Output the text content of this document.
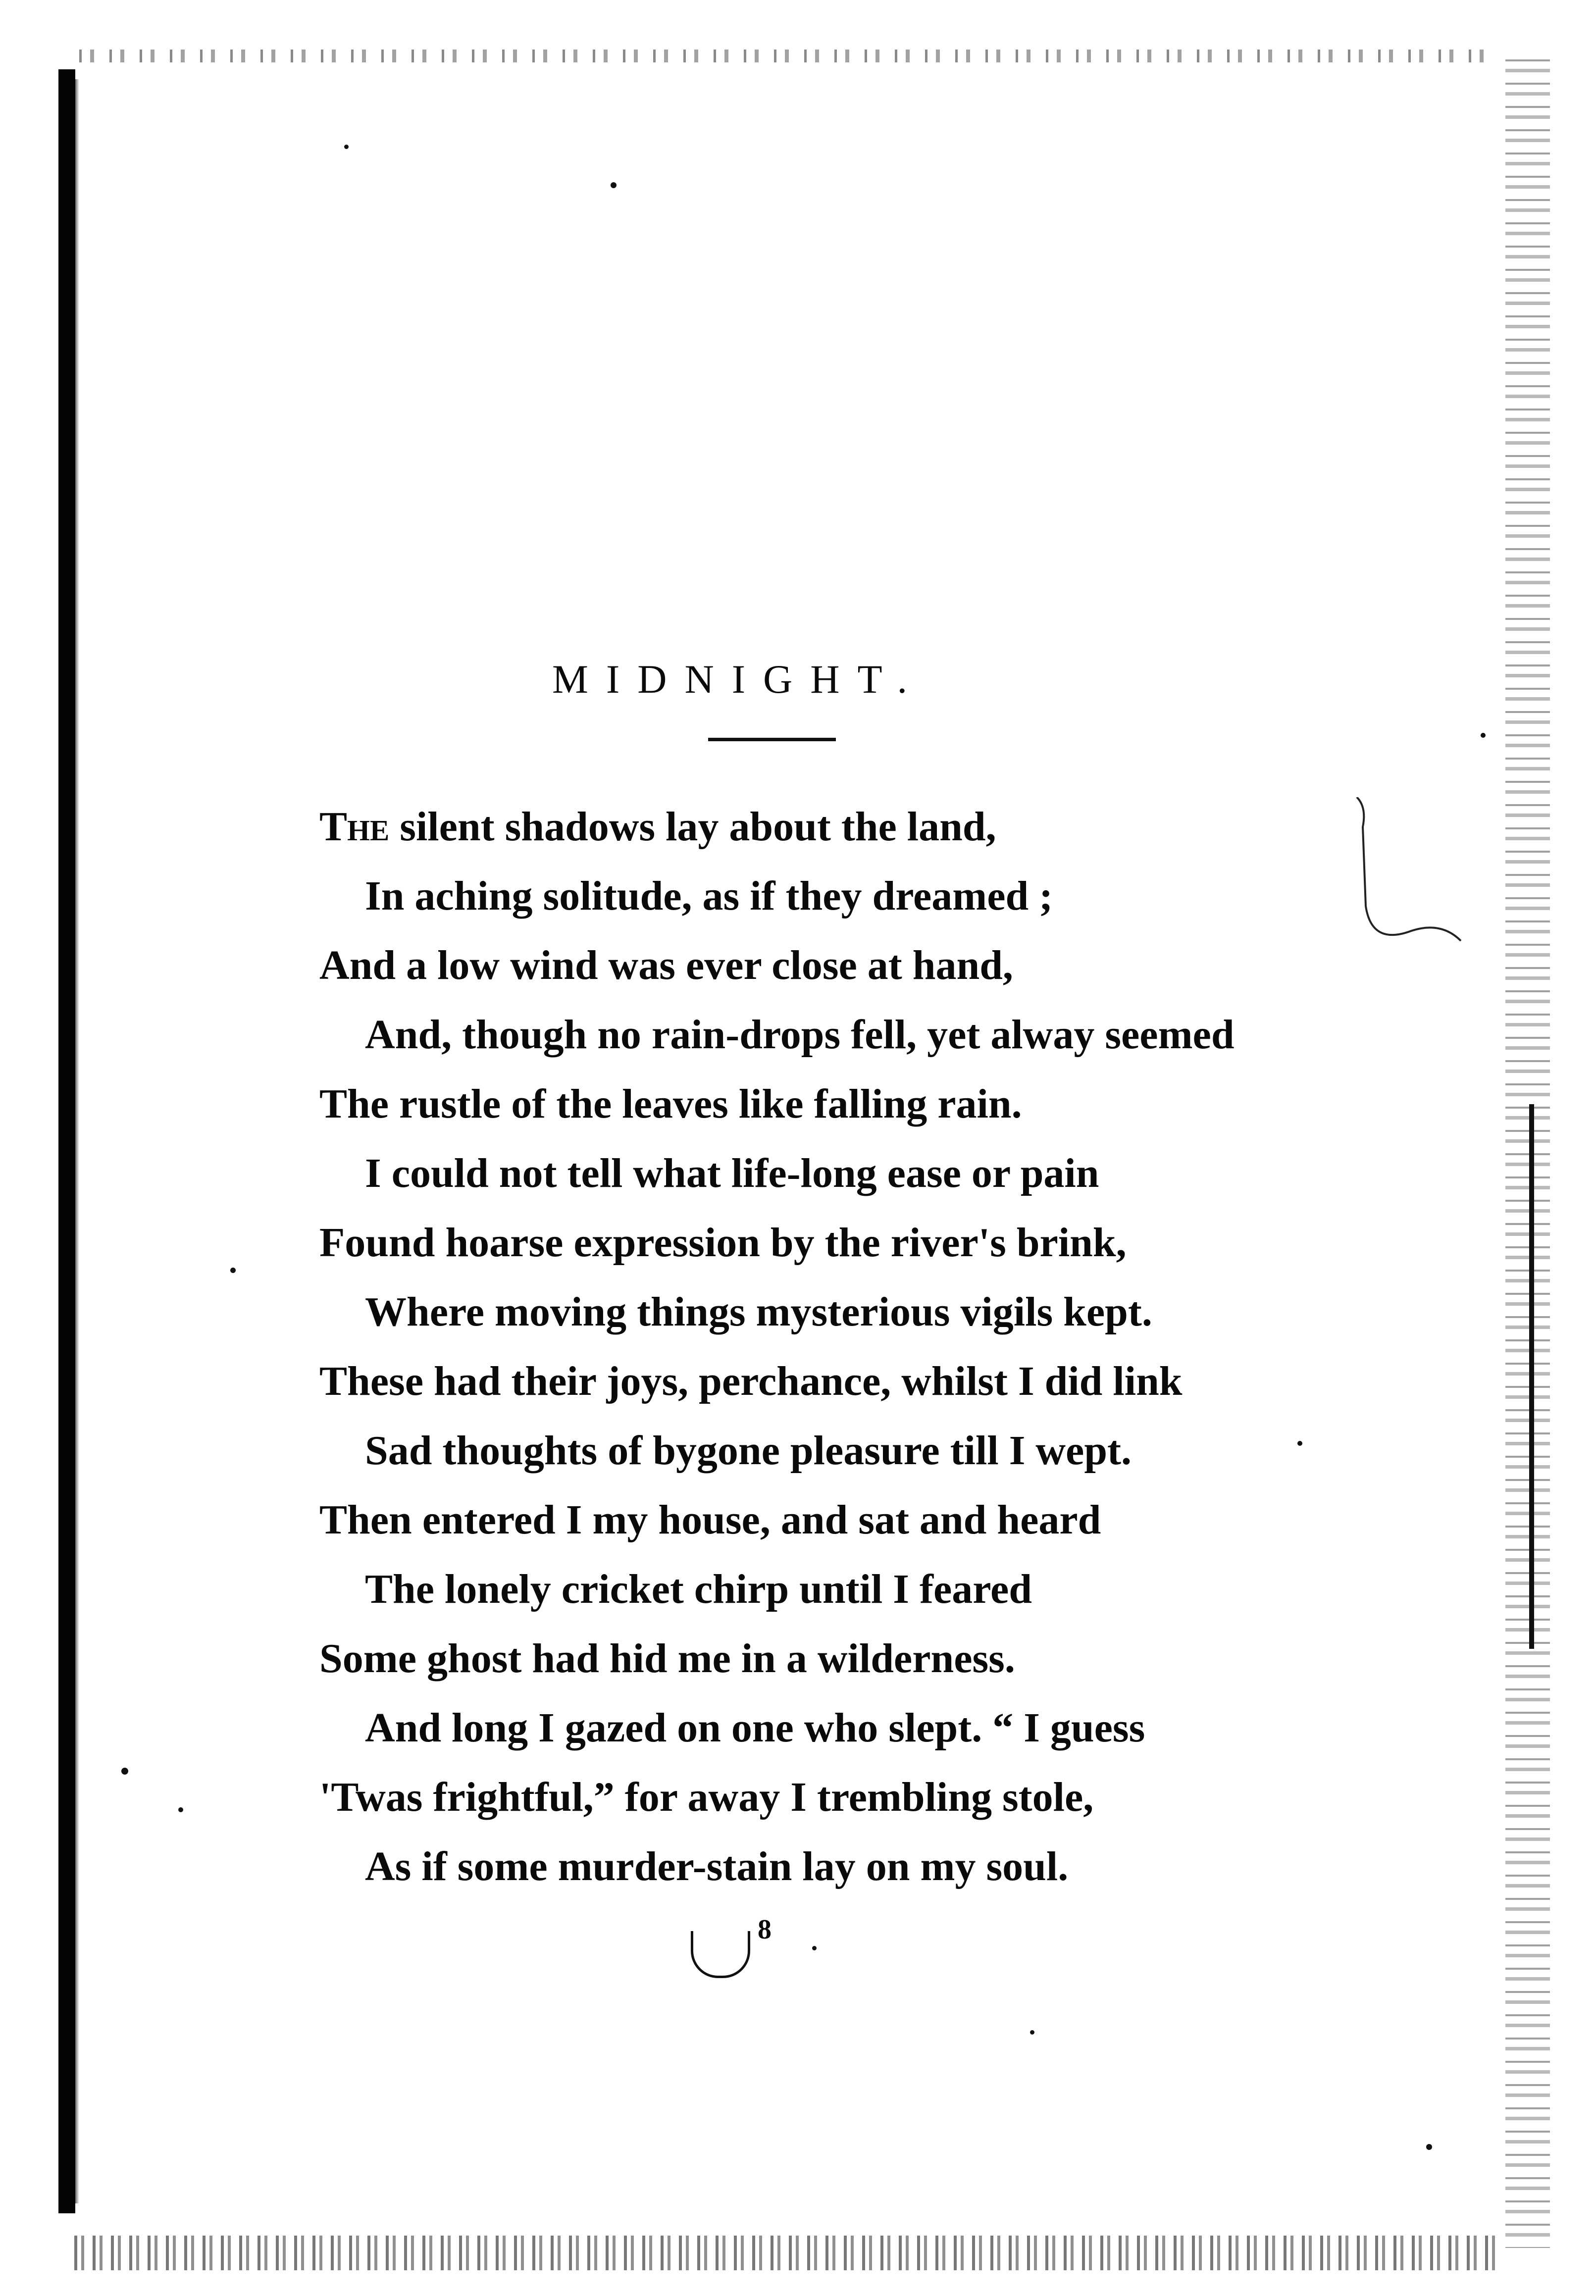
MIDNIGHT.
The silent shadows lay about the land,
In aching solitude, as if they dreamed ;
And a low wind was ever close at hand,
And, though no rain-drops fell, yet alway seemed
The rustle of the leaves like falling rain.
I could not tell what life-long ease or pain
Found hoarse expression by the river's brink,
Where moving things mysterious vigils kept.
These had their joys, perchance, whilst I did link
Sad thoughts of bygone pleasure till I wept.
Then entered I my house, and sat and heard
The lonely cricket chirp until I feared
Some ghost had hid me in a wilderness.
And long I gazed on one who slept. “ I guess
'Twas frightful,” for away I trembling stole,
As if some murder-stain lay on my soul.
8
